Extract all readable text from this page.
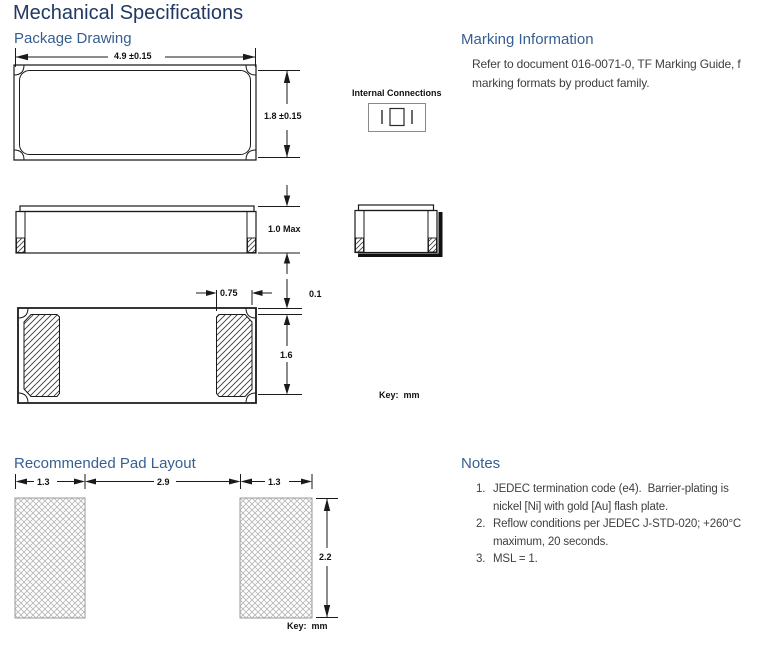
Mechanical Specifications
Package Drawing	Marking Information
Refer to document 016-0071-0, TF Marking Guide, f
marking formats by product family.
4.9 ±0.15
1.8 ±0.15
Internal Connections
1.0 Max
0.75	0.1
1.6
Key:  mm
Recommended Pad Layout
1.3	2.9	1.3
2.2
Key:  mm
Notes
1. JEDEC termination code (e4).  Barrier-plating is
nickel [Ni] with gold [Au] flash plate.
2. Reflow conditions per JEDEC J-STD-020; +260°C
maximum, 20 seconds.
3. MSL = 1.
